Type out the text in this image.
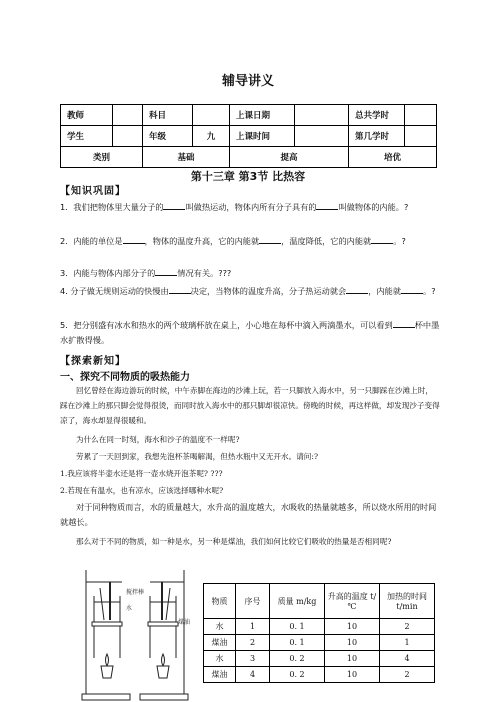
辅导讲义
教师		科目		上课日期		总共学时	
学生		年级	九	上课时间		第几学时	
类别		基础		提高		培优	
第十三章 第3节 比热容
【知识巩固】
1．我们把物体里大量分子的	叫做热运动，物体内所有分子具有的	叫做物体的内能。?
2．内能的单位是	，物体的温度升高，它的内能就	，温度降低，它的内能就	。?
3．内能与物体内部分子的	情况有关。???
4. 分子做无规则运动的快慢由	决定，当物体的温度升高，分子热运动就会	，内能就	。?
5．把分别盛有冰水和热水的两个玻璃杯放在桌上，小心地在每杯中滴入两滴墨水，可以看到	杯中墨水扩散得慢。
【探索新知】
一、探究不同物质的吸热能力
回忆曾经在海边游玩的时候，中午赤脚在海边的沙滩上玩，若一只脚放入海水中，另一只脚踩在沙滩上时，踩在沙滩上的那只脚会觉得很烫，而同时放入海水中的那只脚却很凉快。傍晚的时候，再这样做，却发现沙子变得凉了，海水却显得很暖和。
为什么在同一时刻，海水和沙子的温度不一样呢?
劳累了一天回到家，我想先泡杯茶喝解渴，但热水瓶中又无开水。请问:?
1.我应该将半壶水还是将一壶水烧开泡茶呢? ???
2.若现在有温水，也有凉水，应该选择哪种水呢?
对于同种物质而言，水的质量越大，水升高的温度越大，水吸收的热量就越多，所以烧水所用的时间就越长。
那么对于不同的物质，如一种是水，另一种是煤油，我们如何比较它们吸收的热量是否相同呢?
搅拌棒
水
煤油
物质	序号	质量 m/kg	升高的温度 t/℃	加热的时间 t/min
水	1	0. 1	10	2
煤油	2	0. 1	10	1
水	3	0. 2	10	4
煤油	4	0. 2	10	2
